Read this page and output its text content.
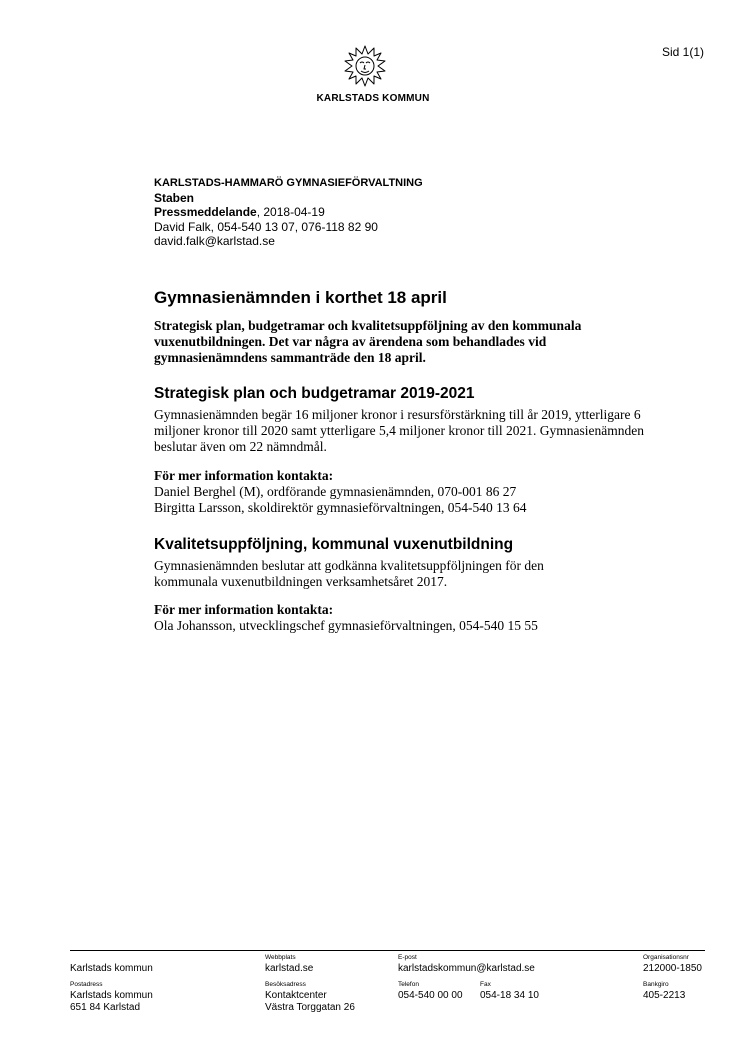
Sid 1(1)
KARLSTADS KOMMUN
KARLSTADS-HAMMARÖ GYMNASIEFÖRVALTNING
Staben
Pressmeddelande, 2018-04-19
David Falk, 054-540 13 07, 076-118 82 90
david.falk@karlstad.se
Gymnasienämnden i korthet 18 april

Strategisk plan, budgetramar och kvalitetsuppföljning av den kommunala vuxenutbildningen. Det var några av ärendena som behandlades vid gymnasienämndens sammanträde den 18 april.

Strategisk plan och budgetramar 2019-2021

Gymnasienämnden begär 16 miljoner kronor i resursförstärkning till år 2019, ytterligare 6 miljoner kronor till 2020 samt ytterligare 5,4 miljoner kronor till 2021. Gymnasienämnden beslutar även om 22 nämndmål.

För mer information kontakta:
Daniel Berghel (M), ordförande gymnasienämnden, 070-001 86 27
Birgitta Larsson, skoldirektör gymnasieförvaltningen, 054-540 13 64
Kvalitetsuppföljning, kommunal vuxenutbildning

Gymnasienämnden beslutar att godkänna kvalitetsuppföljningen för den kommunala vuxenutbildningen verksamhetsåret 2017.

För mer information kontakta:
Ola Johansson, utvecklingschef gymnasieförvaltningen, 054-540 15 55
Karlstads kommun
Webbplats
karlstad.se
E-post
karlstadskommun@karlstad.se
Organisationsnr
212000-1850
Postadress
Karlstads kommun
651 84 Karlstad
Besöksadress
Kontaktcenter
Västra Torggatan 26
Telefon
054-540 00 00
Fax
054-18 34 10
Bankgiro
405-2213
